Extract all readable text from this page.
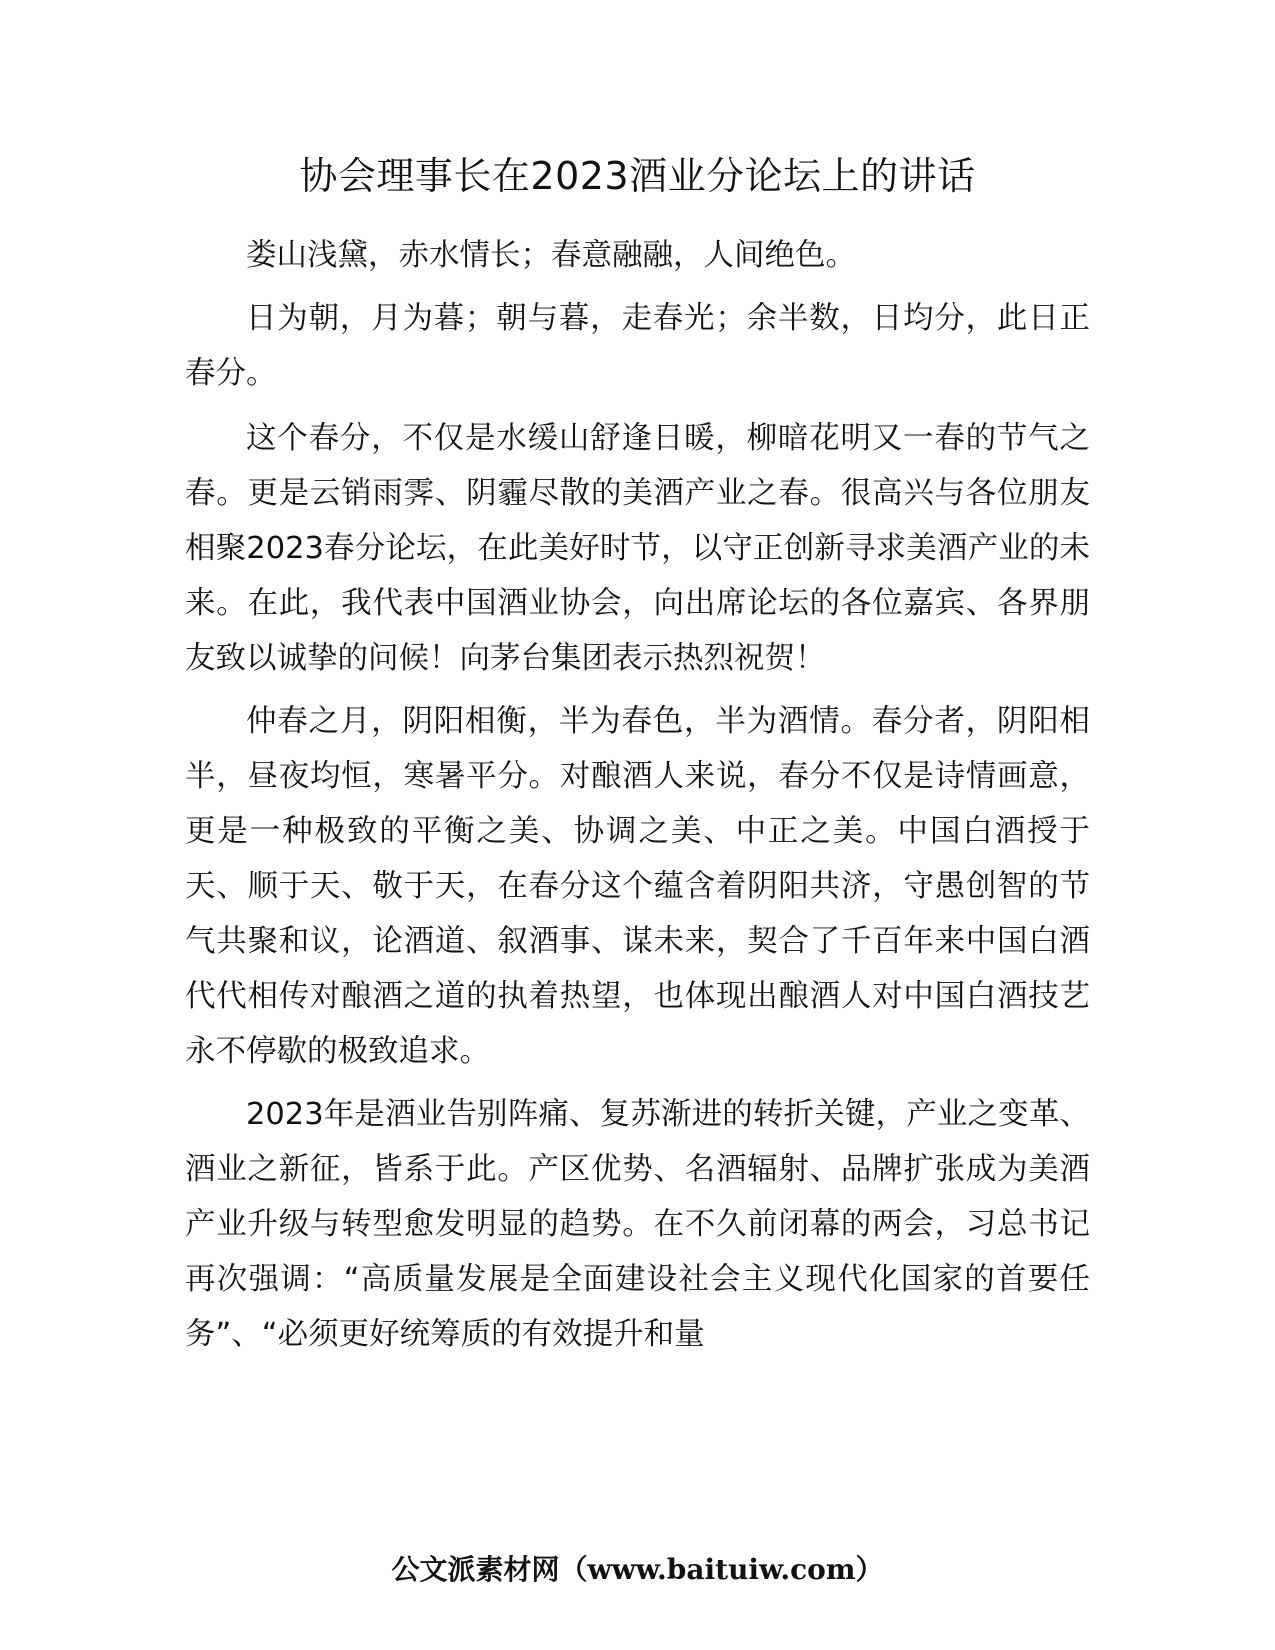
协会理事长在2023酒业分论坛上的讲话

娄山浅黛，赤水情长；春意融融，人间绝色。

日为朝，月为暮；朝与暮，走春光；余半数，日均分，此日正春分。

这个春分，不仅是水缓山舒逢日暖，柳暗花明又一春的节气之春。更是云销雨霁、阴霾尽散的美酒产业之春。很高兴与各位朋友相聚2023春分论坛，在此美好时节，以守正创新寻求美酒产业的未来。在此，我代表中国酒业协会，向出席论坛的各位嘉宾、各界朋友致以诚挚的问候！向茅台集团表示热烈祝贺！

仲春之月，阴阳相衡，半为春色，半为酒情。春分者，阴阳相半，昼夜均恒，寒暑平分。对酿酒人来说，春分不仅是诗情画意，更是一种极致的平衡之美、协调之美、中正之美。中国白酒授于天、顺于天、敬于天，在春分这个蕴含着阴阳共济，守愚创智的节气共聚和议，论酒道、叙酒事、谋未来，契合了千百年来中国白酒代代相传对酿酒之道的执着热望，也体现出酿酒人对中国白酒技艺永不停歇的极致追求。

2023年是酒业告别阵痛、复苏渐进的转折关键，产业之变革、酒业之新征，皆系于此。产区优势、名酒辐射、品牌扩张成为美酒产业升级与转型愈发明显的趋势。在不久前闭幕的两会，习总书记再次强调：“高质量发展是全面建设社会主义现代化国家的首要任务”、“必须更好统筹质的有效提升和量

公文派素材网（www.baituiw.com）
